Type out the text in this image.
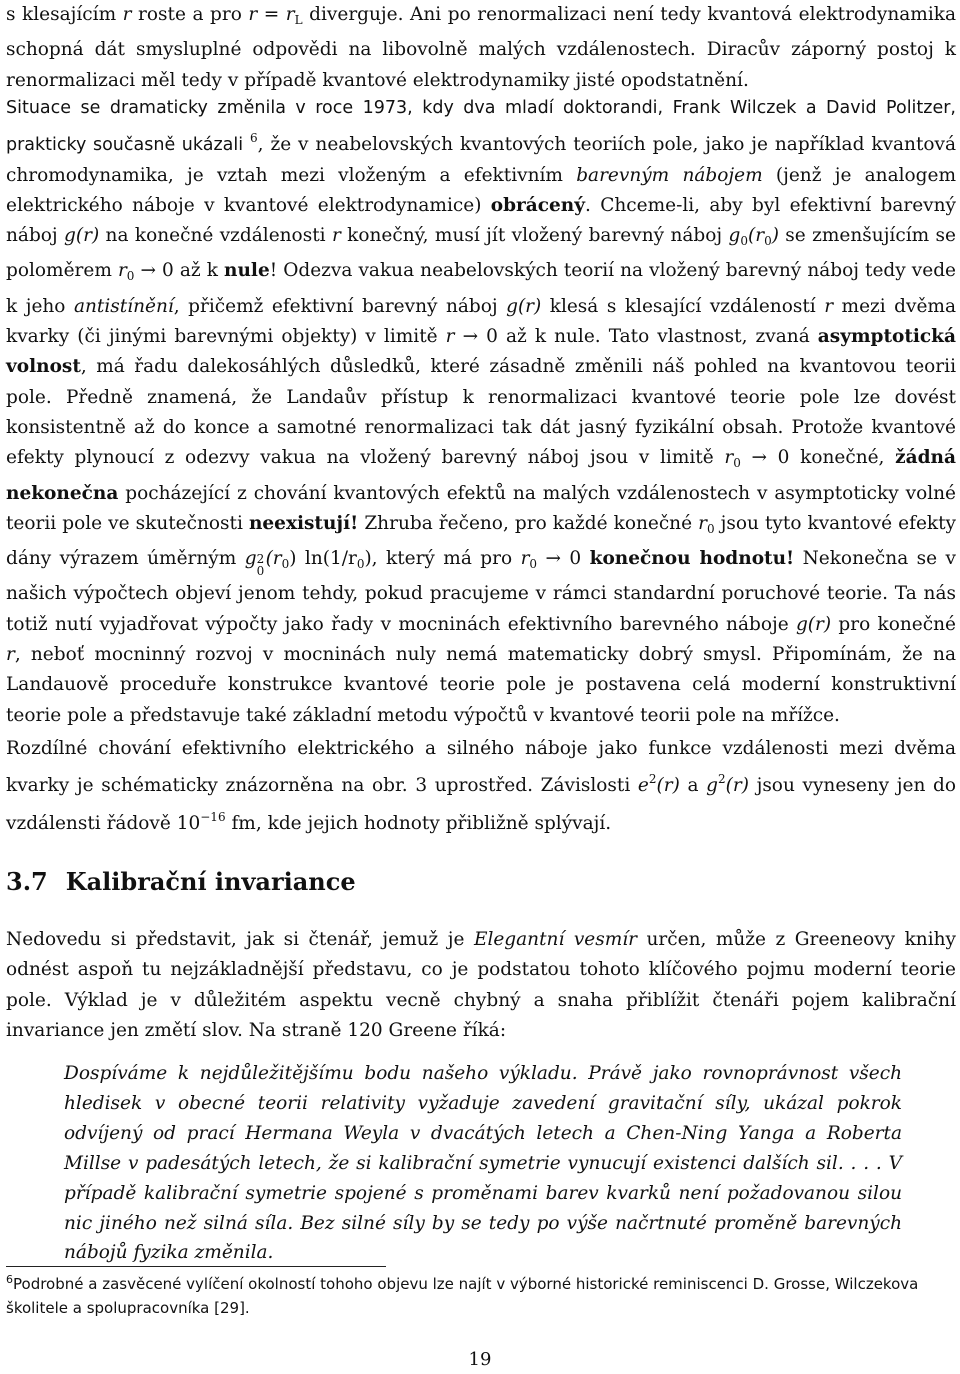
s klesajícím r roste a pro $r = r_L$ diverguje. Ani po renormalizaci není tedy kvantová elektrodynamika schopná dát smysluplné odpovědi na libovolně malých vzdálenostech. Diracův záporný postoj k renormalizaci měl tedy v případě kvantové elektrodynamiky jisté opodstatnění.

Situace se dramaticky změnila v roce 1973, kdy dva mladí doktorandi, Frank Wilczek a David Politzer, prakticky současně ukázali $^6$, že v neabelovských kvantových teoriích pole, jako je například kvantová chromodynamika, je vztah mezi vloženým a efektivním barevným nábojem (jenž je analogem elektrického náboje v kvantové elektrodynamice) obrácený. Chceme-li, aby byl efektivní barevný náboj g(r) na konečné vzdálenosti r konečný, musí jít vložený barevný náboj $g_0(r_0)$ se zmenšujícím se poloměrem $r_0 \to 0$ až k nule! Odezva vakua neabelovských teorií na vložený barevný náboj tedy vede k jeho antistínění, přičemž efektivní barevný náboj g(r) klesá s klesající vzdáleností r mezi dvěma kvarky (či jinými barevnými objekty) v limitě r → 0 až k nule. Tato vlastnost, zvaná asymptotická volnost, má řadu dalekosáhlých důsledků, které zásadně změnili náš pohled na kvantovou teorii pole. Předně znamená, že Landaův přístup k renormalizaci kvantové teorie pole lze dovést konsistentně až do konce a samotné renormalizaci tak dát jasný fyzikální obsah. Protože kvantové efekty plynoucí z odezvy vakua na vložený barevný náboj jsou v limitě $r_0 \to 0$ konečné, žádná nekonečna pocházející z chování kvantových efektů na malých vzdálenostech v asymptoticky volné teorii pole ve skutečnosti neexistují! Zhruba řečeno, pro každé konečné $r_0$ jsou tyto kvantové efekty dány výrazem úměrným g 2
0
$(r_0)$ $\ln(1/r_0)$, který má pro $r_0 \to 0$ konečnou hodnotu! Nekonečna se v našich výpočtech objeví jenom tehdy, pokud pracujeme v rámci standardní poruchové teorie. Ta nás totiž nutí vyjadřovat výpočty jako řady v mocninách efektivního barevného náboje g(r) pro konečné r, neboť mocninný rozvoj v mocninách nuly nemá matematicky dobrý smysl. Připomínám, že na Landauově proceduře konstrukce kvantové teorie pole je postavena celá moderní konstruktivní teorie pole a představuje také základní metodu výpočtů v kvantové teorii pole na mřížce.

Rozdílné chování efektivního elektrického a silného náboje jako funkce vzdálenosti mezi dvěma kvarky je schématicky znázorněna na obr. 3 uprostřed. Závislosti $e^2(r)$ a $g^2(r)$ jsou vyneseny jen do vzdálensti řádově $10^{-16}$ fm, kde jejich hodnoty přibližně splývají.

3.7 Kalibrační invariance

Nedovedu si představit, jak si čtenář, jemuž je Elegantní vesmír určen, může z Greeneovy knihy odnést aspoň tu nejzákladnější představu, co je podstatou tohoto klíčového pojmu moderní teorie pole. Výklad je v důležitém aspektu vecně chybný a snaha přiblížit čtenáři pojem kalibrační invariance jen změtí slov. Na straně 120 Greene říká:

Dospíváme k nejdůležitějšímu bodu našeho výkladu. Právě jako rovnoprávnost všech hledisek v obecné teorii relativity vyžaduje zavedení gravitační síly, ukázal pokrok odvíjený od prací Hermana Weyla v dvacátých letech a Chen-Ning Yanga a Roberta Millse v padesátých letech, že si kalibrační symetrie vynucují existenci dalších sil. . . . V případě kalibrační symetrie spojené s proměnami barev kvarků není požadovanou silou nic jiného než silná síla. Bez silné síly by se tedy po výše načrtnuté proměně barevných nábojů fyzika změnila.

$^6$Podrobné a zasvěcené vylíčení okolností tohoho objevu lze najít v výborné historické reminiscenci D. Grosse, Wilczekova školitele a spolupracovníka [29].

19
